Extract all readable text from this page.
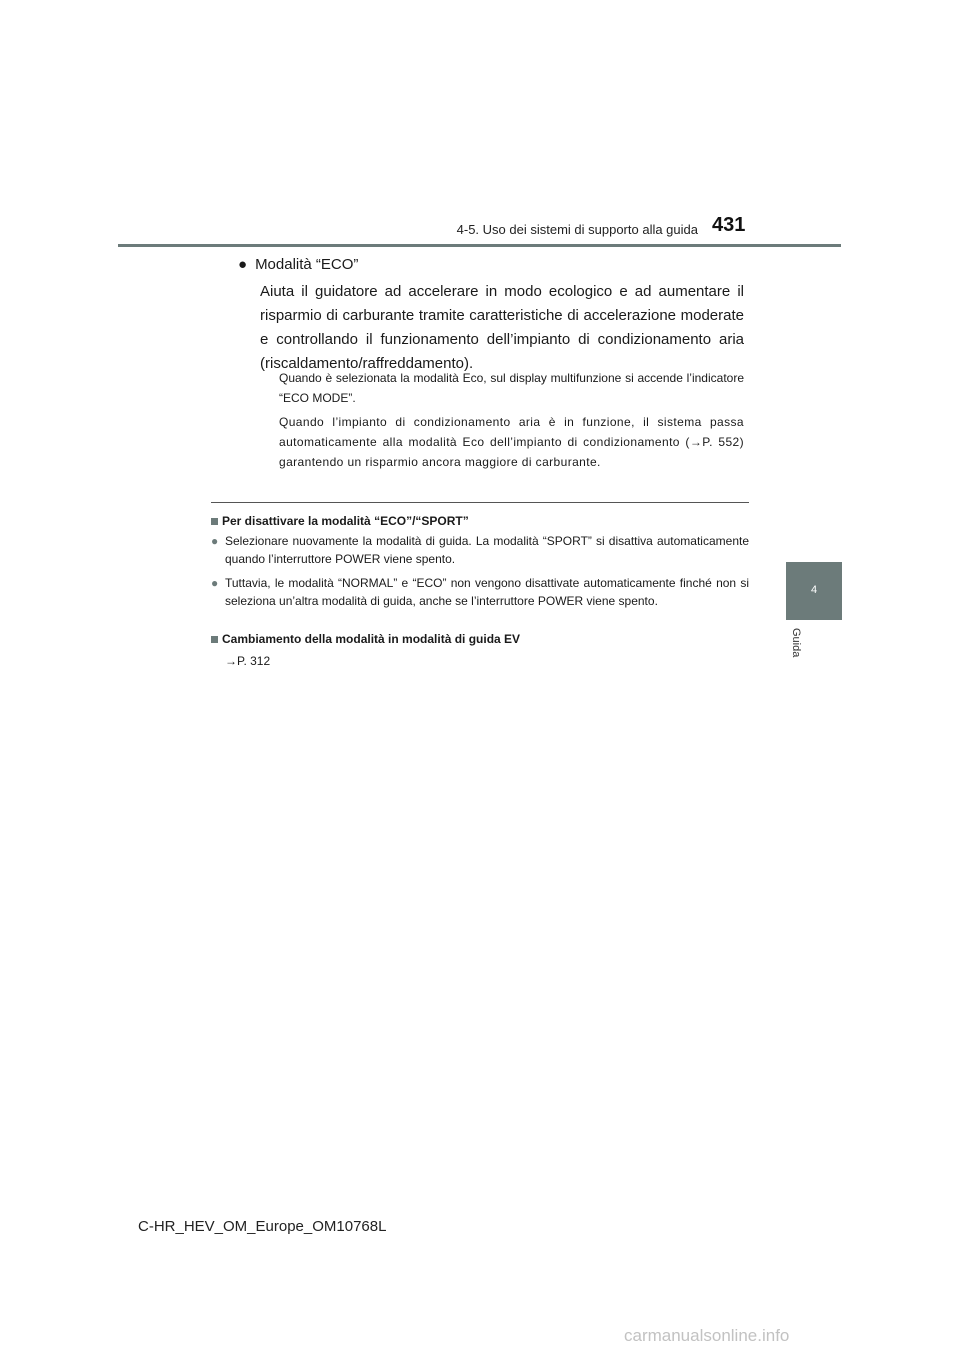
4-5. Uso dei sistemi di supporto alla guida 431
4
Guida
● Modalità “ECO”
Aiuta il guidatore ad accelerare in modo ecologico e ad aumentare il risparmio di carburante tramite caratteristiche di accelerazione moderate e controllando il funzionamento dell’impianto di condizionamento aria (riscaldamento/raffreddamento).
Quando è selezionata la modalità Eco, sul display multifunzione si accende l’indicatore “ECO MODE”.
Quando l’impianto di condizionamento aria è in funzione, il sistema passa automaticamente alla modalità Eco dell’impianto di condizionamento (→P. 552) garantendo un risparmio ancora maggiore di carburante.
Per disattivare la modalità “ECO”/“SPORT”
● Selezionare nuovamente la modalità di guida. La modalità “SPORT” si disattiva automaticamente quando l’interruttore POWER viene spento.
● Tuttavia, le modalità “NORMAL” e “ECO” non vengono disattivate automaticamente finché non si seleziona un’altra modalità di guida, anche se l’interruttore POWER viene spento.
Cambiamento della modalità in modalità di guida EV
→P. 312
C-HR_HEV_OM_Europe_OM10768L
carmanualsonline.info
